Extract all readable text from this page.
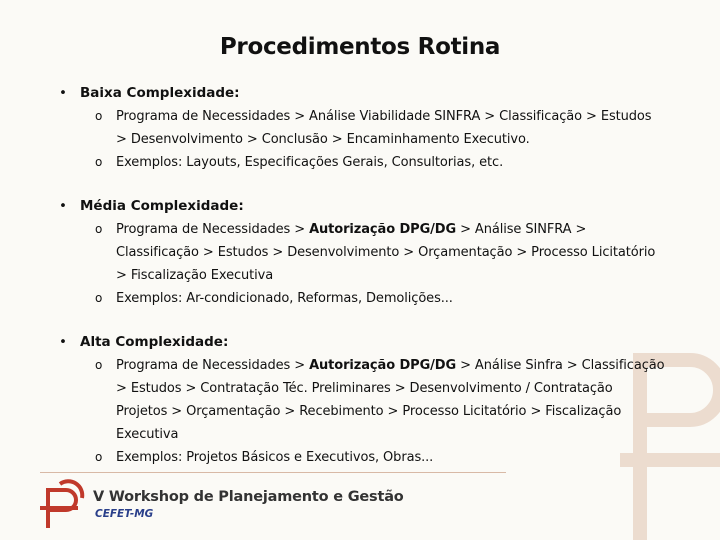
Procedimentos Rotina
• Baixa Complexidade:
o Programa de Necessidades > Análise Viabilidade SINFRA > Classificação > Estudos > Desenvolvimento > Conclusão > Encaminhamento Executivo.
o Exemplos: Layouts, Especificações Gerais, Consultorias, etc.
• Média Complexidade:
o Programa de Necessidades > Autorização DPG/DG > Análise SINFRA > Classificação > Estudos > Desenvolvimento > Orçamentação > Processo Licitatório > Fiscalização Executiva
o Exemplos: Ar-condicionado, Reformas, Demolições...
• Alta Complexidade:
o Programa de Necessidades > Autorização DPG/DG > Análise Sinfra > Classificação > Estudos > Contratação Téc. Preliminares > Desenvolvimento / Contratação Projetos > Orçamentação > Recebimento > Processo Licitatório > Fiscalização Executiva
o Exemplos: Projetos Básicos e Executivos, Obras...
V Workshop de Planejamento e Gestão
CEFET-MG
